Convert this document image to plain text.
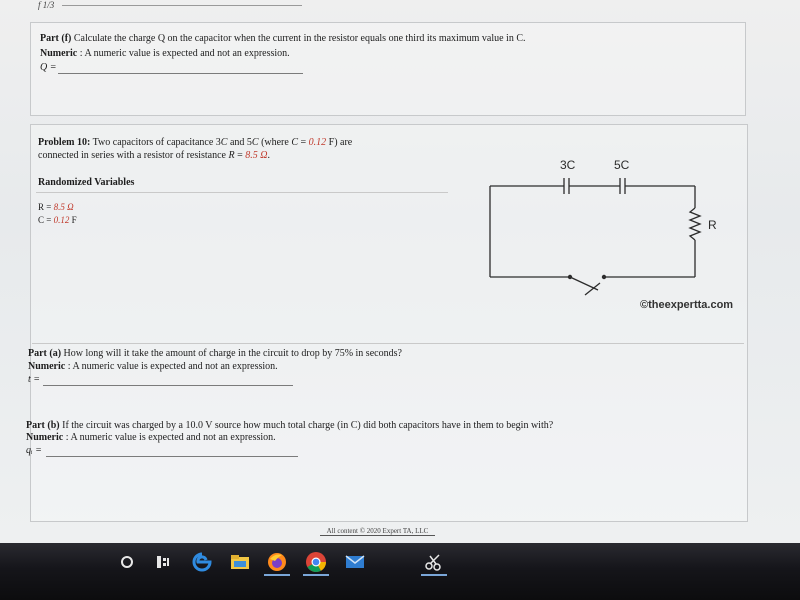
f 1/3
Part (f) Calculate the charge Q on the capacitor when the current in the resistor equals one third its maximum value in C.
Numeric : A numeric value is expected and not an expression.
Q =
Problem 10: Two capacitors of capacitance 3C and 5C (where C = 0.12 F) are
connected in series with a resistor of resistance R = 8.5 Ω.
Randomized Variables
R = 8.5 Ω
C = 0.12 F
3C	5C
R
©theexpertta.com
Part (a) How long will it take the amount of charge in the circuit to drop by 75% in seconds?
Numeric : A numeric value is expected and not an expression.
t =
Part (b) If the circuit was charged by a 10.0 V source how much total charge (in C) did both capacitors have in them to begin with?
Numeric : A numeric value is expected and not an expression.
qᵢ =
All content © 2020 Expert TA, LLC
